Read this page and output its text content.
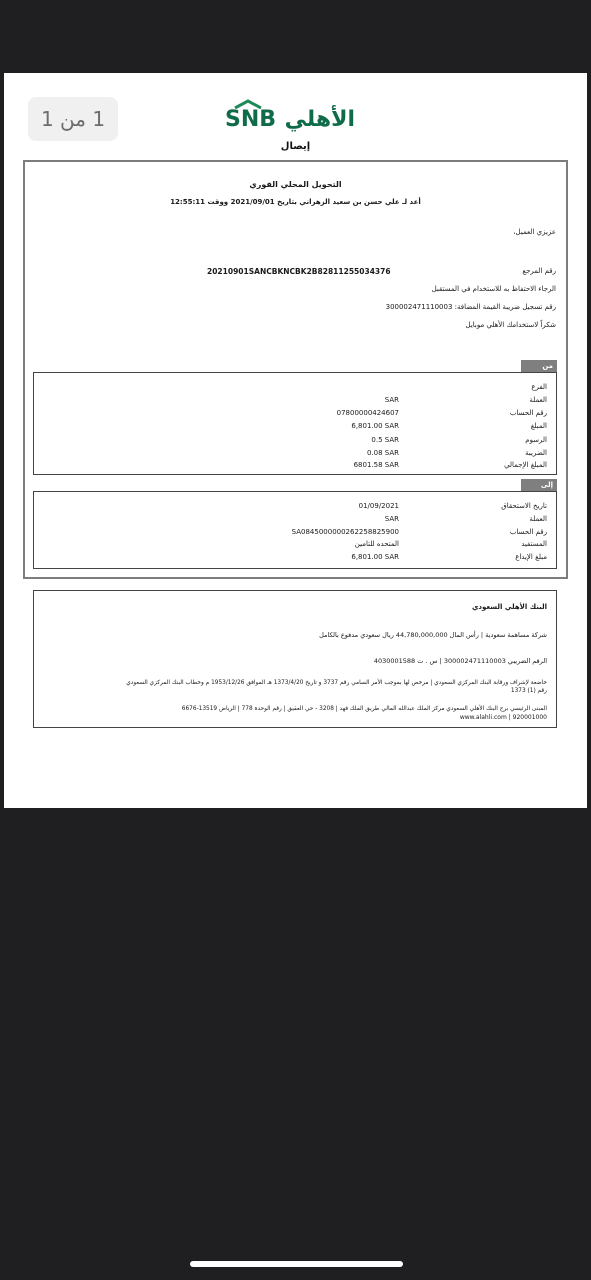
1 من 1	SNB الأهلي
إيصال
التحويل المحلي الفوري
أعد لـ علي حسن بن سعيد الزهراني بتاريخ 2021/09/01 ووقت 12:55:11
عزيزي العميل،
رقم المرجع
20210901SANCBKNCBK2B82811255034376
الرجاء الاحتفاظ به للاستخدام في المستقبل
رقم تسجيل ضريبة القيمة المضافة: 300002471110003
شكراً لاستخدامك الأهلي موبايل
من
الفرع
العملة
SAR
رقم الحساب
07800000424607
المبلغ
6,801.00 SAR
الرسوم
0.5 SAR
الضريبة
0.08 SAR
المبلغ الإجمالي
6801.58 SAR
إلى
تاريخ الاستحقاق
01/09/2021
العملة
SAR
رقم الحساب
SA0845000000262258825900
المستفيد
المتحده للتامين
مبلغ الإيداع
6,801.00 SAR
البنك الأهلي السعودي
شركة مساهمة سعودية | رأس المال 44,780,000,000 ريال سعودي مدفوع بالكامل
الرقم الضريبي 300002471110003 | س . ت 4030001588
خاضعة لإشراف ورقابة البنك المركزي السعودي | مرخص لها بموجب الأمر السامي رقم 3737 و تاريخ 1373/4/20 هـ الموافق 1953/12/26 م وخطاب البنك المركزي السعودي
رقم (1) 1373
المبنى الرئيسي برج البنك الأهلي السعودي مركز الملك عبدالله المالي طريق الملك فهد | 3208 - حي العقيق | رقم الوحدة 778 | الرياض 13519-6676
920001000 | www.alahli.com
